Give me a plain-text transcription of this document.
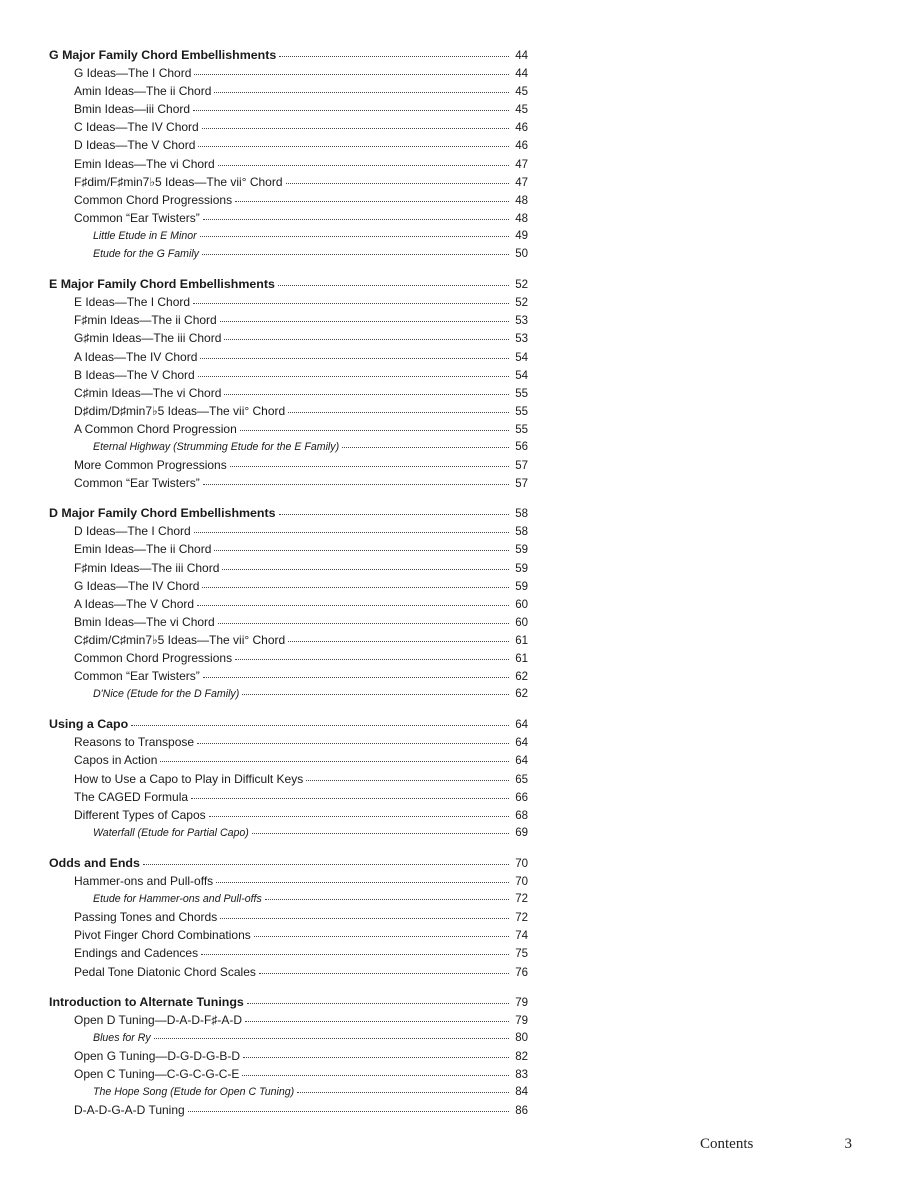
G Major Family Chord Embellishments	44
G Ideas—The I Chord	44
Amin Ideas—The ii Chord	45
Bmin Ideas—iii Chord	45
C Ideas—The IV Chord	46
D Ideas—The V Chord	46
Emin Ideas—The vi Chord	47
F♯dim/F♯min7♭5 Ideas—The vii° Chord	47
Common Chord Progressions	48
Common “Ear Twisters”	48
Little Etude in E Minor	49
Etude for the G Family	50
E Major Family Chord Embellishments	52
E Ideas—The I Chord	52
F♯min Ideas—The ii Chord	53
G♯min Ideas—The iii Chord	53
A Ideas—The IV Chord	54
B Ideas—The V Chord	54
C♯min Ideas—The vi Chord	55
D♯dim/D♯min7♭5 Ideas—The vii° Chord	55
A Common Chord Progression	55
Eternal Highway (Strumming Etude for the E Family)	56
More Common Progressions	57
Common “Ear Twisters”	57
D Major Family Chord Embellishments	58
D Ideas—The I Chord	58
Emin Ideas—The ii Chord	59
F♯min Ideas—The iii Chord	59
G Ideas—The IV Chord	59
A Ideas—The V Chord	60
Bmin Ideas—The vi Chord	60
C♯dim/C♯min7♭5 Ideas—The vii° Chord	61
Common Chord Progressions	61
Common “Ear Twisters”	62
D'Nice (Etude for the D Family)	62
Using a Capo	64
Reasons to Transpose	64
Capos in Action	64
How to Use a Capo to Play in Difficult Keys	65
The CAGED Formula	66
Different Types of Capos	68
Waterfall (Etude for Partial Capo)	69
Odds and Ends	70
Hammer-ons and Pull-offs	70
Etude for Hammer-ons and Pull-offs	72
Passing Tones and Chords	72
Pivot Finger Chord Combinations	74
Endings and Cadences	75
Pedal Tone Diatonic Chord Scales	76
Introduction to Alternate Tunings	79
Open D Tuning—D-A-D-F♯-A-D	79
Blues for Ry	80
Open G Tuning—D-G-D-G-B-D	82
Open C Tuning—C-G-C-G-C-E	83
The Hope Song (Etude for Open C Tuning)	84
D-A-D-G-A-D Tuning	86
Contents	3
